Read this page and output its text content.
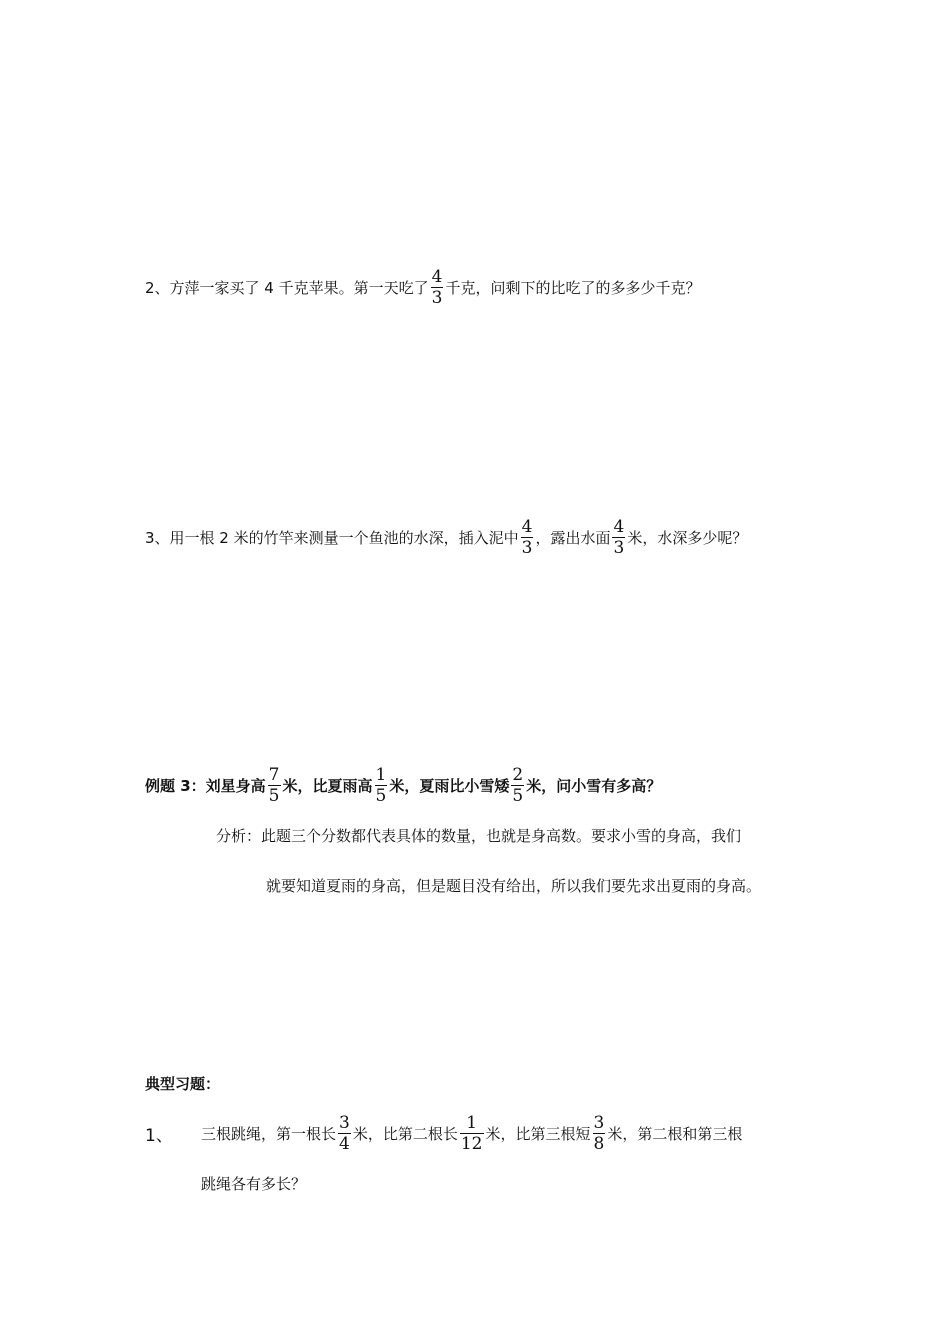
2、方萍一家买了 4 千克苹果。第一天吃了 $\frac{4}{3}$ 千克，问剩下的比吃了的多多少千克？
3、用一根 2 米的竹竿来测量一个鱼池的水深，插入泥中 $\frac{4}{3}$ ，露出水面 $\frac{4}{3}$ 米，水深多少呢？
例题 3：刘星身高 $\frac{7}{5}$ 米，比夏雨高 $\frac{1}{5}$ 米，夏雨比小雪矮 $\frac{2}{5}$ 米，问小雪有多高？
分析：此题三个分数都代表具体的数量，也就是身高数。要求小雪的身高，我们
就要知道夏雨的身高，但是题目没有给出，所以我们要先求出夏雨的身高。
典型习题：
1、	三根跳绳，第一根长 $\frac{3}{4}$ 米，比第二根长 $\frac{1}{12}$ 米，比第三根短 $\frac{3}{8}$ 米，第二根和第三根
跳绳各有多长？
